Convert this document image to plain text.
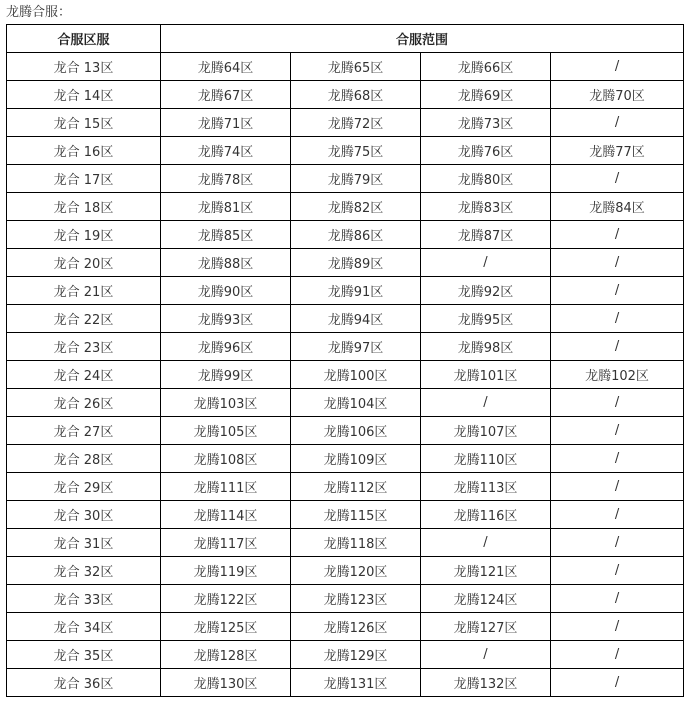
龙腾合服：
合服区服	合服范围			
龙合 13区	龙腾64区	龙腾65区	龙腾66区	/
龙合 14区	龙腾67区	龙腾68区	龙腾69区	龙腾70区
龙合 15区	龙腾71区	龙腾72区	龙腾73区	/
龙合 16区	龙腾74区	龙腾75区	龙腾76区	龙腾77区
龙合 17区	龙腾78区	龙腾79区	龙腾80区	/
龙合 18区	龙腾81区	龙腾82区	龙腾83区	龙腾84区
龙合 19区	龙腾85区	龙腾86区	龙腾87区	/
龙合 20区	龙腾88区	龙腾89区	/	/
龙合 21区	龙腾90区	龙腾91区	龙腾92区	/
龙合 22区	龙腾93区	龙腾94区	龙腾95区	/
龙合 23区	龙腾96区	龙腾97区	龙腾98区	/
龙合 24区	龙腾99区	龙腾100区	龙腾101区	龙腾102区
龙合 26区	龙腾103区	龙腾104区	/	/
龙合 27区	龙腾105区	龙腾106区	龙腾107区	/
龙合 28区	龙腾108区	龙腾109区	龙腾110区	/
龙合 29区	龙腾111区	龙腾112区	龙腾113区	/
龙合 30区	龙腾114区	龙腾115区	龙腾116区	/
龙合 31区	龙腾117区	龙腾118区	/	/
龙合 32区	龙腾119区	龙腾120区	龙腾121区	/
龙合 33区	龙腾122区	龙腾123区	龙腾124区	/
龙合 34区	龙腾125区	龙腾126区	龙腾127区	/
龙合 35区	龙腾128区	龙腾129区	/	/
龙合 36区	龙腾130区	龙腾131区	龙腾132区	/
